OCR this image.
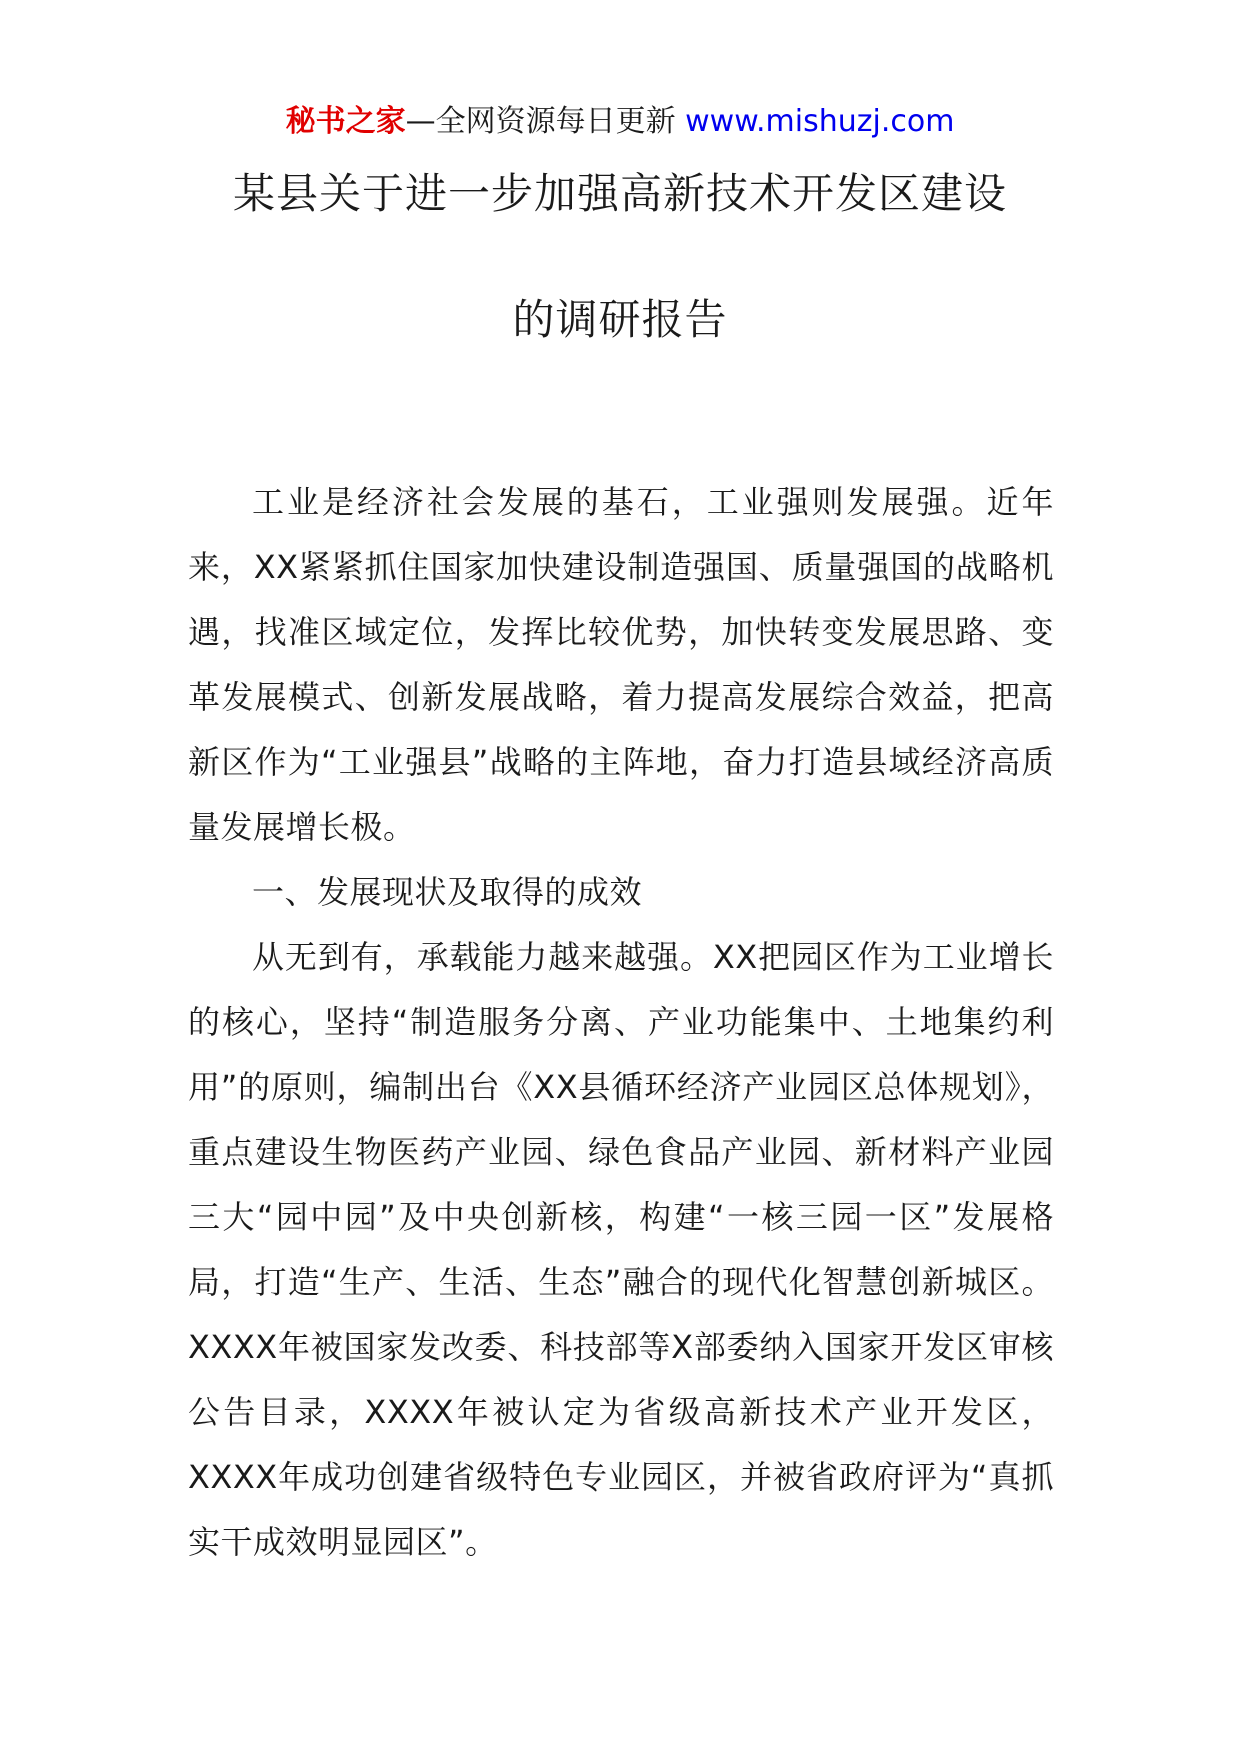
秘书之家—全网资源每日更新 www.mishuzj.com
某县关于进一步加强高新技术开发区建设
的调研报告

工业是经济社会发展的基石，工业强则发展强。近年来，XX紧紧抓住国家加快建设制造强国、质量强国的战略机遇，找准区域定位，发挥比较优势，加快转变发展思路、变革发展模式、创新发展战略，着力提高发展综合效益，把高新区作为“工业强县”战略的主阵地，奋力打造县域经济高质量发展增长极。

一、发展现状及取得的成效

从无到有，承载能力越来越强。XX把园区作为工业增长的核心，坚持“制造服务分离、产业功能集中、土地集约利用”的原则，编制出台《XX县循环经济产业园区总体规划》，重点建设生物医药产业园、绿色食品产业园、新材料产业园三大“园中园”及中央创新核，构建“一核三园一区”发展格局，打造“生产、生活、生态”融合的现代化智慧创新城区。XXXX年被国家发改委、科技部等X部委纳入国家开发区审核公告目录，XXXX年被认定为省级高新技术产业开发区，XXXX年成功创建省级特色专业园区，并被省政府评为“真抓实干成效明显园区”。
